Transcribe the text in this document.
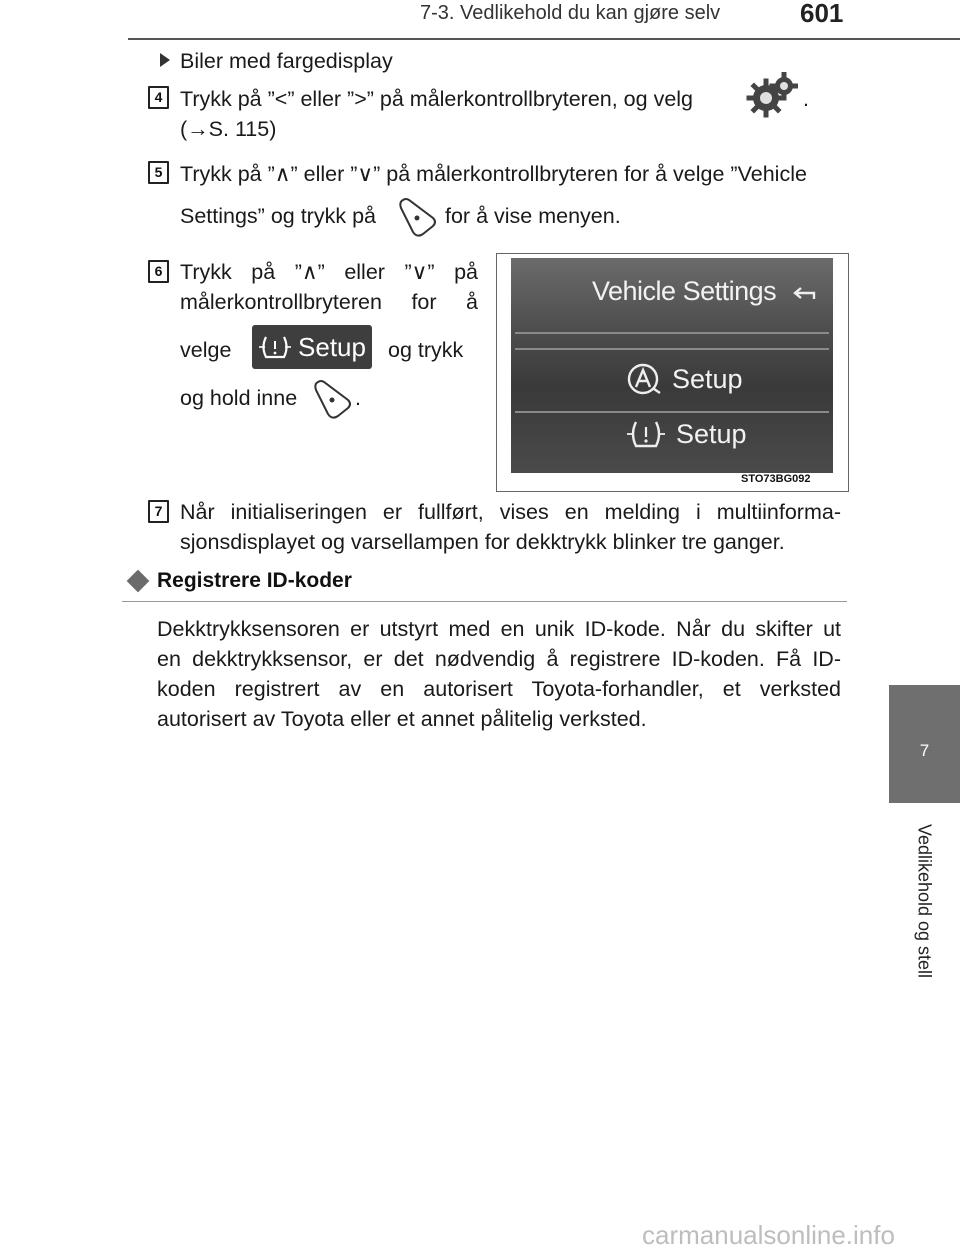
7-3. Vedlikehold du kan gjøre selv	601
7
Vedlikehold og stell
Biler med fargedisplay
4 Trykk på ”<” eller ”>” på målerkontrollbryteren, og velg	.
(→S. 115)
5 Trykk på ”∧” eller ”∨” på målerkontrollbryteren for å velge ”Vehicle
Settings” og trykk på	for å vise menyen.
6 Trykk på ”∧” eller ”∨” på
målerkontrollbryteren for å
velge	Setup og trykk
og hold inne	.
Vehicle Settings
Setup
Setup
STO73BG092
7 Når initialiseringen er fullført, vises en melding i multiinforma-
sjonsdisplayet og varsellampen for dekktrykk blinker tre ganger.
Registrere ID-koder
Dekktrykksensoren er utstyrt med en unik ID-kode. Når du skifter ut
en dekktrykksensor, er det nødvendig å registrere ID-koden. Få ID-
koden registrert av en autorisert Toyota-forhandler, et verksted
autorisert av Toyota eller et annet pålitelig verksted.
carmanualsonline.info
